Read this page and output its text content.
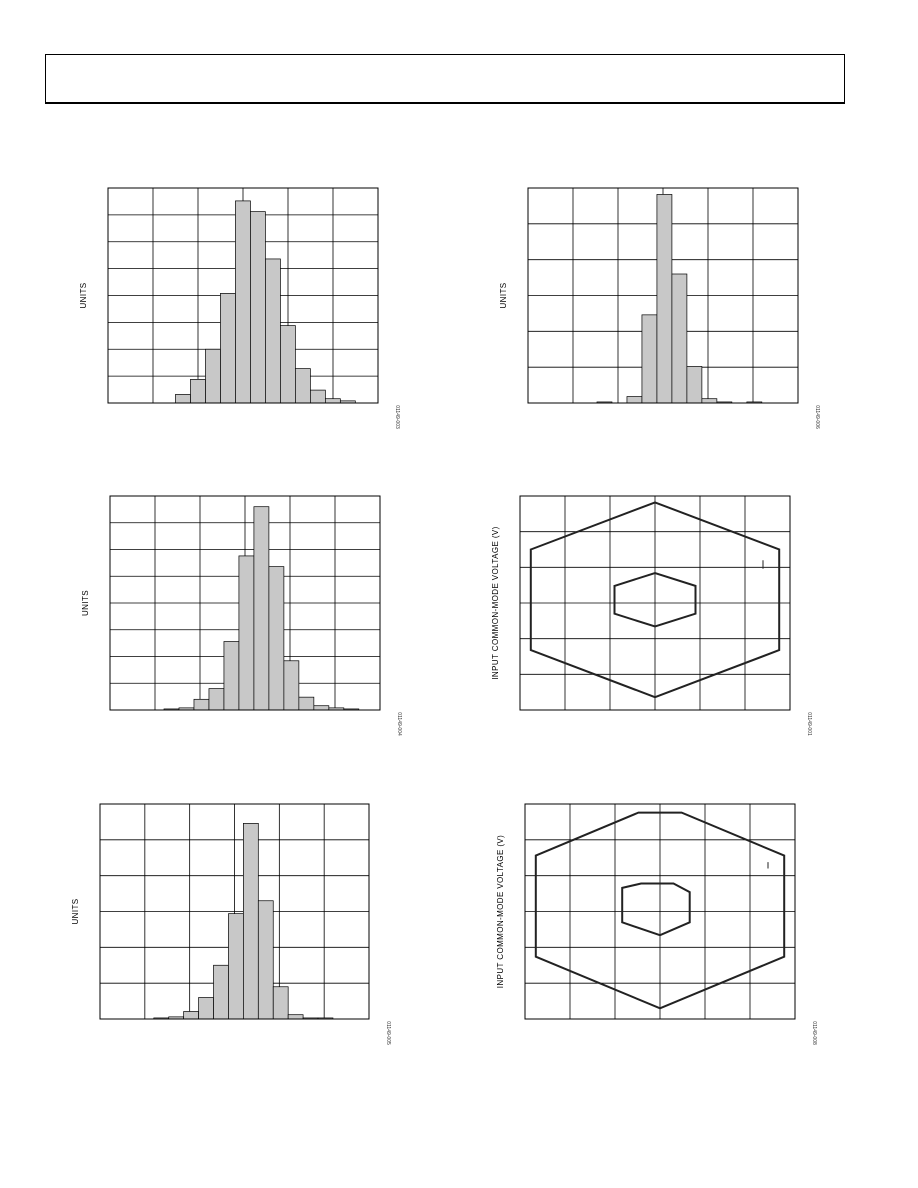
UNITS
01149-003
UNITS
01149-006
UNITS
01149-004
INPUT COMMON-MODE VOLTAGE (V)
01149-001
UNITS
01149-005
INPUT COMMON-MODE VOLTAGE (V)
01149-008
